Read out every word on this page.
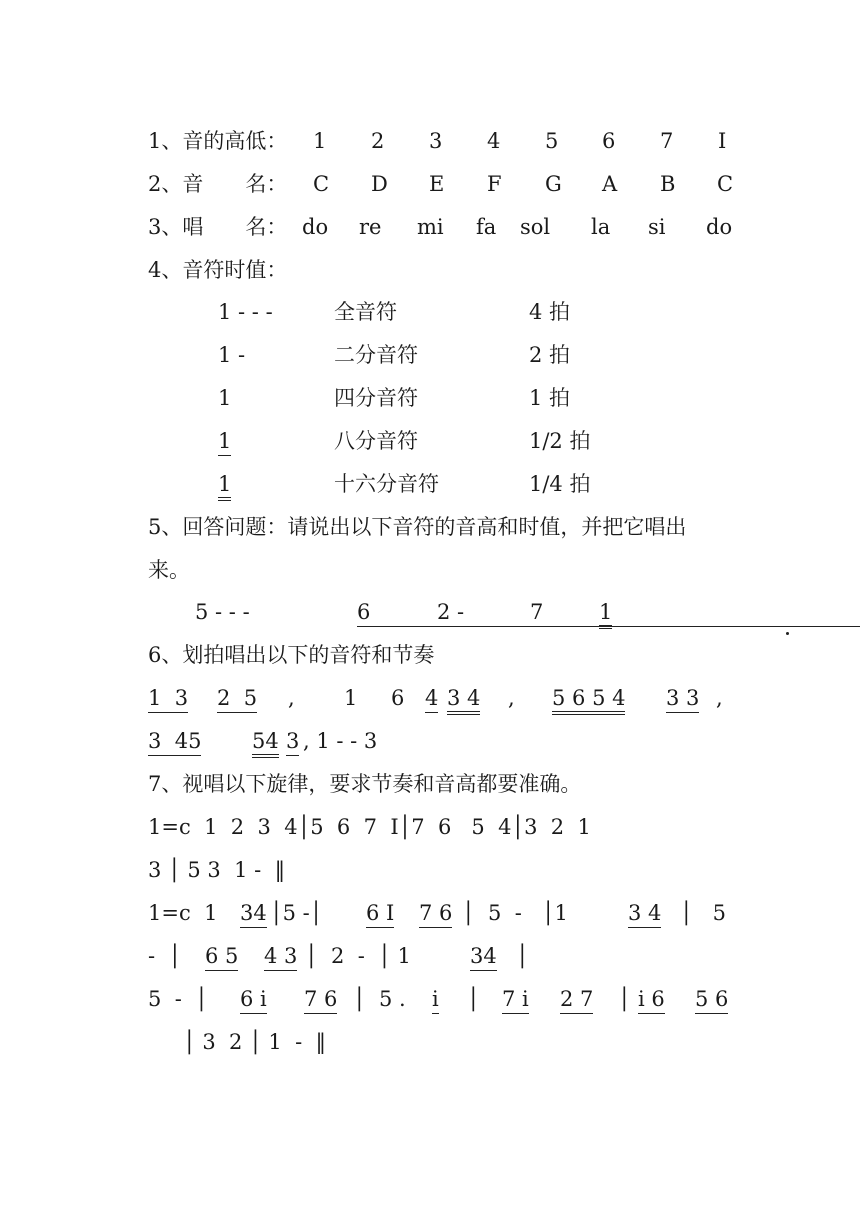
1、音的高低： 1 2 3 4 5 6 7 I
2、音　　名： C D E F G A B C
3、唱　　名： do re mi fa sol la si do
4、音符时值：
1 - - -	全音符	4 拍
1 -	二分音符	2 拍
1	四分音符	1 拍
1	八分音符	1/2 拍
1	十六分音符	1/4 拍
5、回答问题：请说出以下音符的音高和时值，并把它唱出
来。
5 - - -	6	2 -	7	1
6、划拍唱出以下的音符和节奏
1  3 2  5 , 1 6 4 3 4 , 5 6 5 4 3 3 ,
3  45 54 3 , 1 - - 3
7、视唱以下旋律，要求节奏和音高都要准确。
1=c  1  2  3  4│5  6  7  I│7  6   5  4│3  2  1
3 │ 5 3  1 -  ‖
1=c  1 34 │5 -│ 6 I 7 6 │  5  -   │1	3 4 │   5
-  │ 6 5 4 3 │  2  -  │ 1	34 │
5  -  │ 6 i 7 6 │  5 . i │ 7 i 2 7 │ i 6 5 6
│ 3  2 │ 1  -  ‖
